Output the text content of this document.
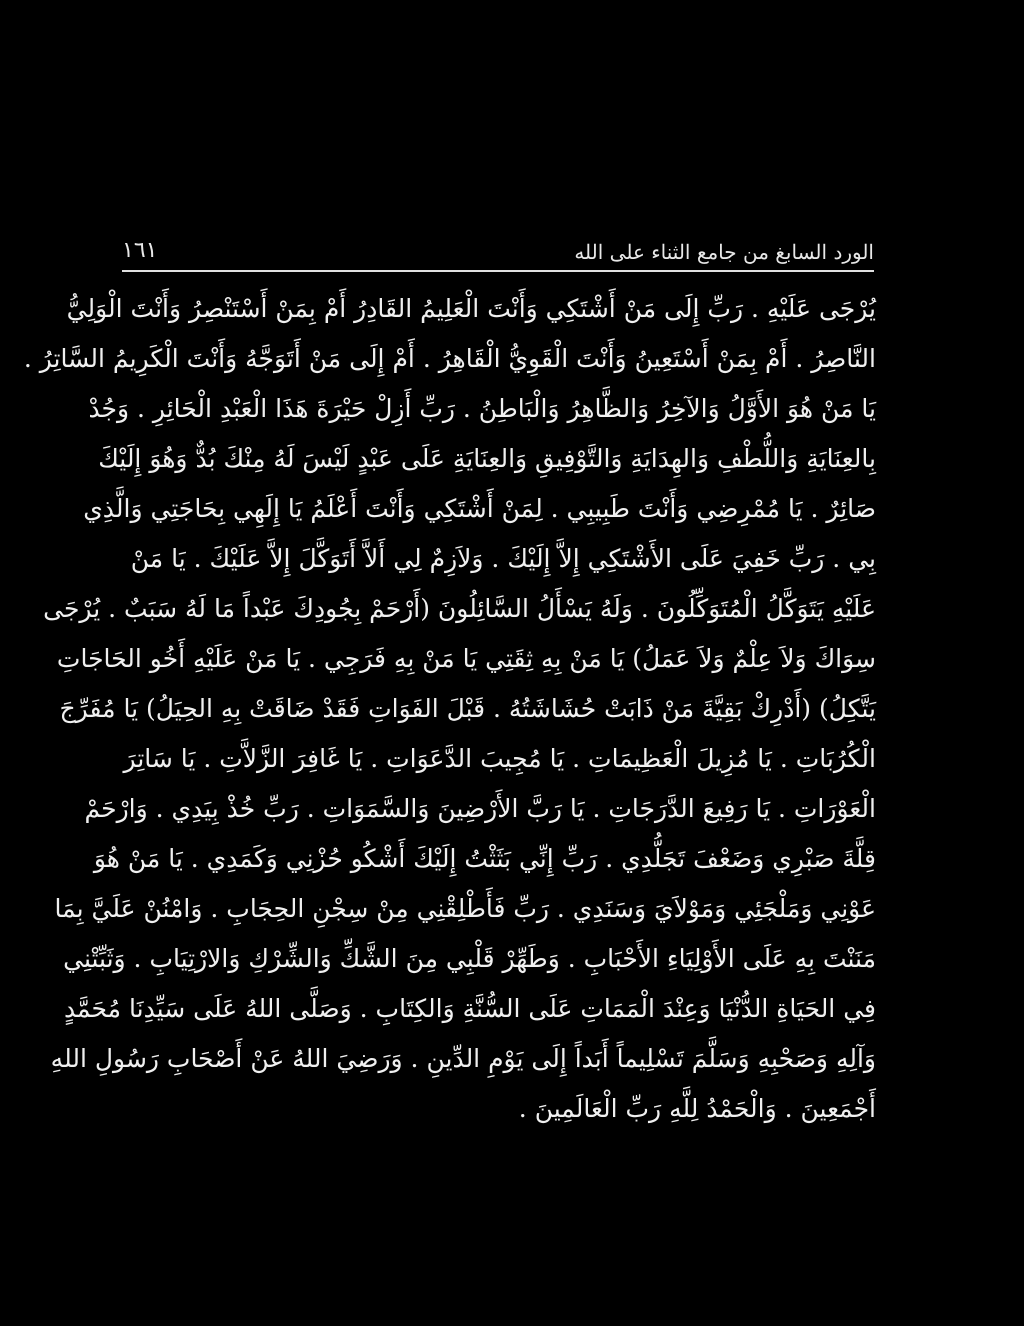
الورد السابغ من جامع الثناء على الله
١٦١
يُرْجَى عَلَيْهِ . رَبِّ إِلَى مَنْ أَشْتَكِي وَأَنْتَ الْعَلِيمُ القَادِرُ أَمْ بِمَنْ أَسْتَنْصِرُ وَأَنْتَ الْوَلِيُّ
النَّاصِرُ . أَمْ بِمَنْ أَسْتَعِينُ وَأَنْتَ الْقَوِيُّ الْقَاهِرُ . أَمْ إِلَى مَنْ أَتَوَجَّهُ وَأَنْتَ الْكَرِيمُ السَّاتِرُ .
يَا مَنْ هُوَ الأَوَّلُ وَالآخِرُ وَالظَّاهِرُ وَالْبَاطِنُ . رَبِّ أَزِلْ حَيْرَةَ هَذَا الْعَبْدِ الْحَائِرِ . وَجُدْ
بِالعِنَايَةِ وَاللُّطْفِ وَالهِدَايَةِ وَالتَّوْفِيقِ وَالعِنَايَةِ عَلَى عَبْدٍ لَيْسَ لَهُ مِنْكَ بُدٌّ وَهُوَ إِلَيْكَ
صَائِرٌ . يَا مُمْرِضِي وَأَنْتَ طَبِيبِي . لِمَنْ أَشْتَكِي وَأَنْتَ أَعْلَمُ يَا إِلَهِي بِحَاجَتِي وَالَّذِي
بِي . رَبِّ خَفِيَ عَلَى الأَشْتَكِي إِلاَّ إِلَيْكَ . وَلاَزِمٌ لِي أَلاَّ أَتَوَكَّلَ إِلاَّ عَلَيْكَ . يَا مَنْ
عَلَيْهِ يَتَوَكَّلُ الْمُتَوَكِّلُونَ . وَلَهُ يَسْأَلُ السَّائِلُونَ (أَرْحَمْ بِجُودِكَ عَبْداً مَا لَهُ سَبَبٌ . يُرْجَى
سِوَاكَ وَلاَ عِلْمٌ وَلاَ عَمَلُ) يَا مَنْ بِهِ ثِقَتِي يَا مَنْ بِهِ فَرَجِي . يَا مَنْ عَلَيْهِ أَخُو الحَاجَاتِ
يَتَّكِلُ) (أَدْرِكْ بَقِيَّةَ مَنْ ذَابَتْ حُشَاشَتُهُ . قَبْلَ الفَوَاتِ فَقَدْ ضَاقَتْ بِهِ الحِيَلُ) يَا مُفَرِّجَ
الْكُرُبَاتِ . يَا مُزِيلَ الْعَظِيمَاتِ . يَا مُجِيبَ الدَّعَوَاتِ . يَا غَافِرَ الزَّلاَّتِ . يَا سَاتِرَ
الْعَوْرَاتِ . يَا رَفِيعَ الدَّرَجَاتِ . يَا رَبَّ الأَرْضِينَ وَالسَّمَوَاتِ . رَبِّ خُذْ بِيَدِي . وَارْحَمْ
قِلَّةَ صَبْرِي وَضَعْفَ تَجَلُّدِي . رَبِّ إِنِّي بَثَثْتُ إِلَيْكَ أَشْكُو حُزْنِي وَكَمَدِي . يَا مَنْ هُوَ
عَوْنِي وَمَلْجَئِي وَمَوْلاَيَ وَسَنَدِي . رَبِّ فَأَطْلِقْنِي مِنْ سِجْنِ الحِجَابِ . وَامْنُنْ عَلَيَّ بِمَا
مَنَنْتَ بِهِ عَلَى الأَوْلِيَاءِ الأَحْبَابِ . وَطَهِّرْ قَلْبِي مِنَ الشَّكِّ وَالشِّرْكِ وَالارْتِيَابِ . وَثَبِّتْنِي
فِي الحَيَاةِ الدُّنْيَا وَعِنْدَ الْمَمَاتِ عَلَى السُّنَّةِ وَالكِتَابِ . وَصَلَّى اللهُ عَلَى سَيِّدِنَا مُحَمَّدٍ
وَآلِهِ وَصَحْبِهِ وَسَلَّمَ تَسْلِيماً أَبَداً إِلَى يَوْمِ الدِّينِ . وَرَضِيَ اللهُ عَنْ أَصْحَابِ رَسُولِ اللهِ
أَجْمَعِينَ . وَالْحَمْدُ لِلَّهِ رَبِّ الْعَالَمِينَ .
